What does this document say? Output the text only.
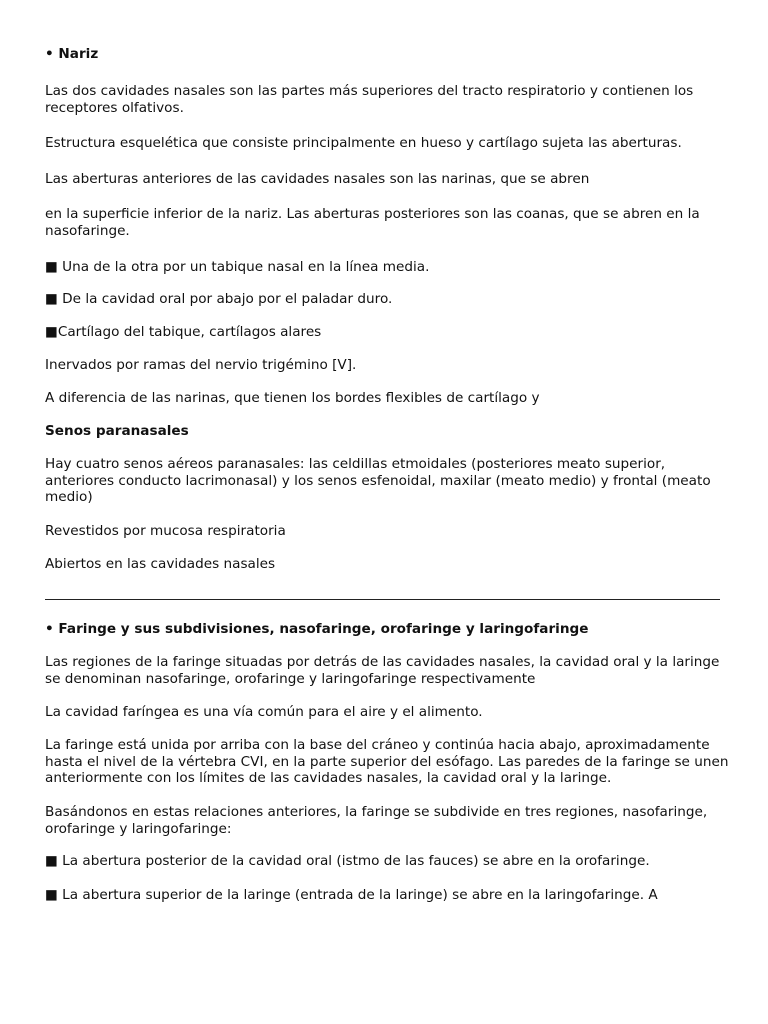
• Nariz

Las dos cavidades nasales son las partes más superiores del tracto respiratorio y contienen los receptores olfativos.

Estructura esquelética que consiste principalmente en hueso y cartílago sujeta las aberturas.

Las aberturas anteriores de las cavidades nasales son las narinas, que se abren

en la superficie inferior de la nariz. Las aberturas posteriores son las coanas, que se abren en la nasofaringe.

■ Una de la otra por un tabique nasal en la línea media.

■ De la cavidad oral por abajo por el paladar duro.

■Cartílago del tabique, cartílagos alares

Inervados por ramas del nervio trigémino [V].

A diferencia de las narinas, que tienen los bordes flexibles de cartílago y

Senos paranasales

Hay cuatro senos aéreos paranasales: las celdillas etmoidales (posteriores meato superior, anteriores conducto lacrimonasal) y los senos esfenoidal, maxilar (meato medio) y frontal (meato medio)

Revestidos por mucosa respiratoria

Abiertos en las cavidades nasales

• Faringe y sus subdivisiones, nasofaringe, orofaringe y laringofaringe

Las regiones de la faringe situadas por detrás de las cavidades nasales, la cavidad oral y la laringe se denominan nasofaringe, orofaringe y laringofaringe respectivamente

La cavidad faríngea es una vía común para el aire y el alimento.

La faringe está unida por arriba con la base del cráneo y continúa hacia abajo, aproximadamente hasta el nivel de la vértebra CVI, en la parte superior del esófago. Las paredes de la faringe se unen anteriormente con los límites de las cavidades nasales, la cavidad oral y la laringe.

Basándonos en estas relaciones anteriores, la faringe se subdivide en tres regiones, nasofaringe, orofaringe y laringofaringe:

■ La abertura posterior de la cavidad oral (istmo de las fauces) se abre en la orofaringe.

■ La abertura superior de la laringe (entrada de la laringe) se abre en la laringofaringe. A
